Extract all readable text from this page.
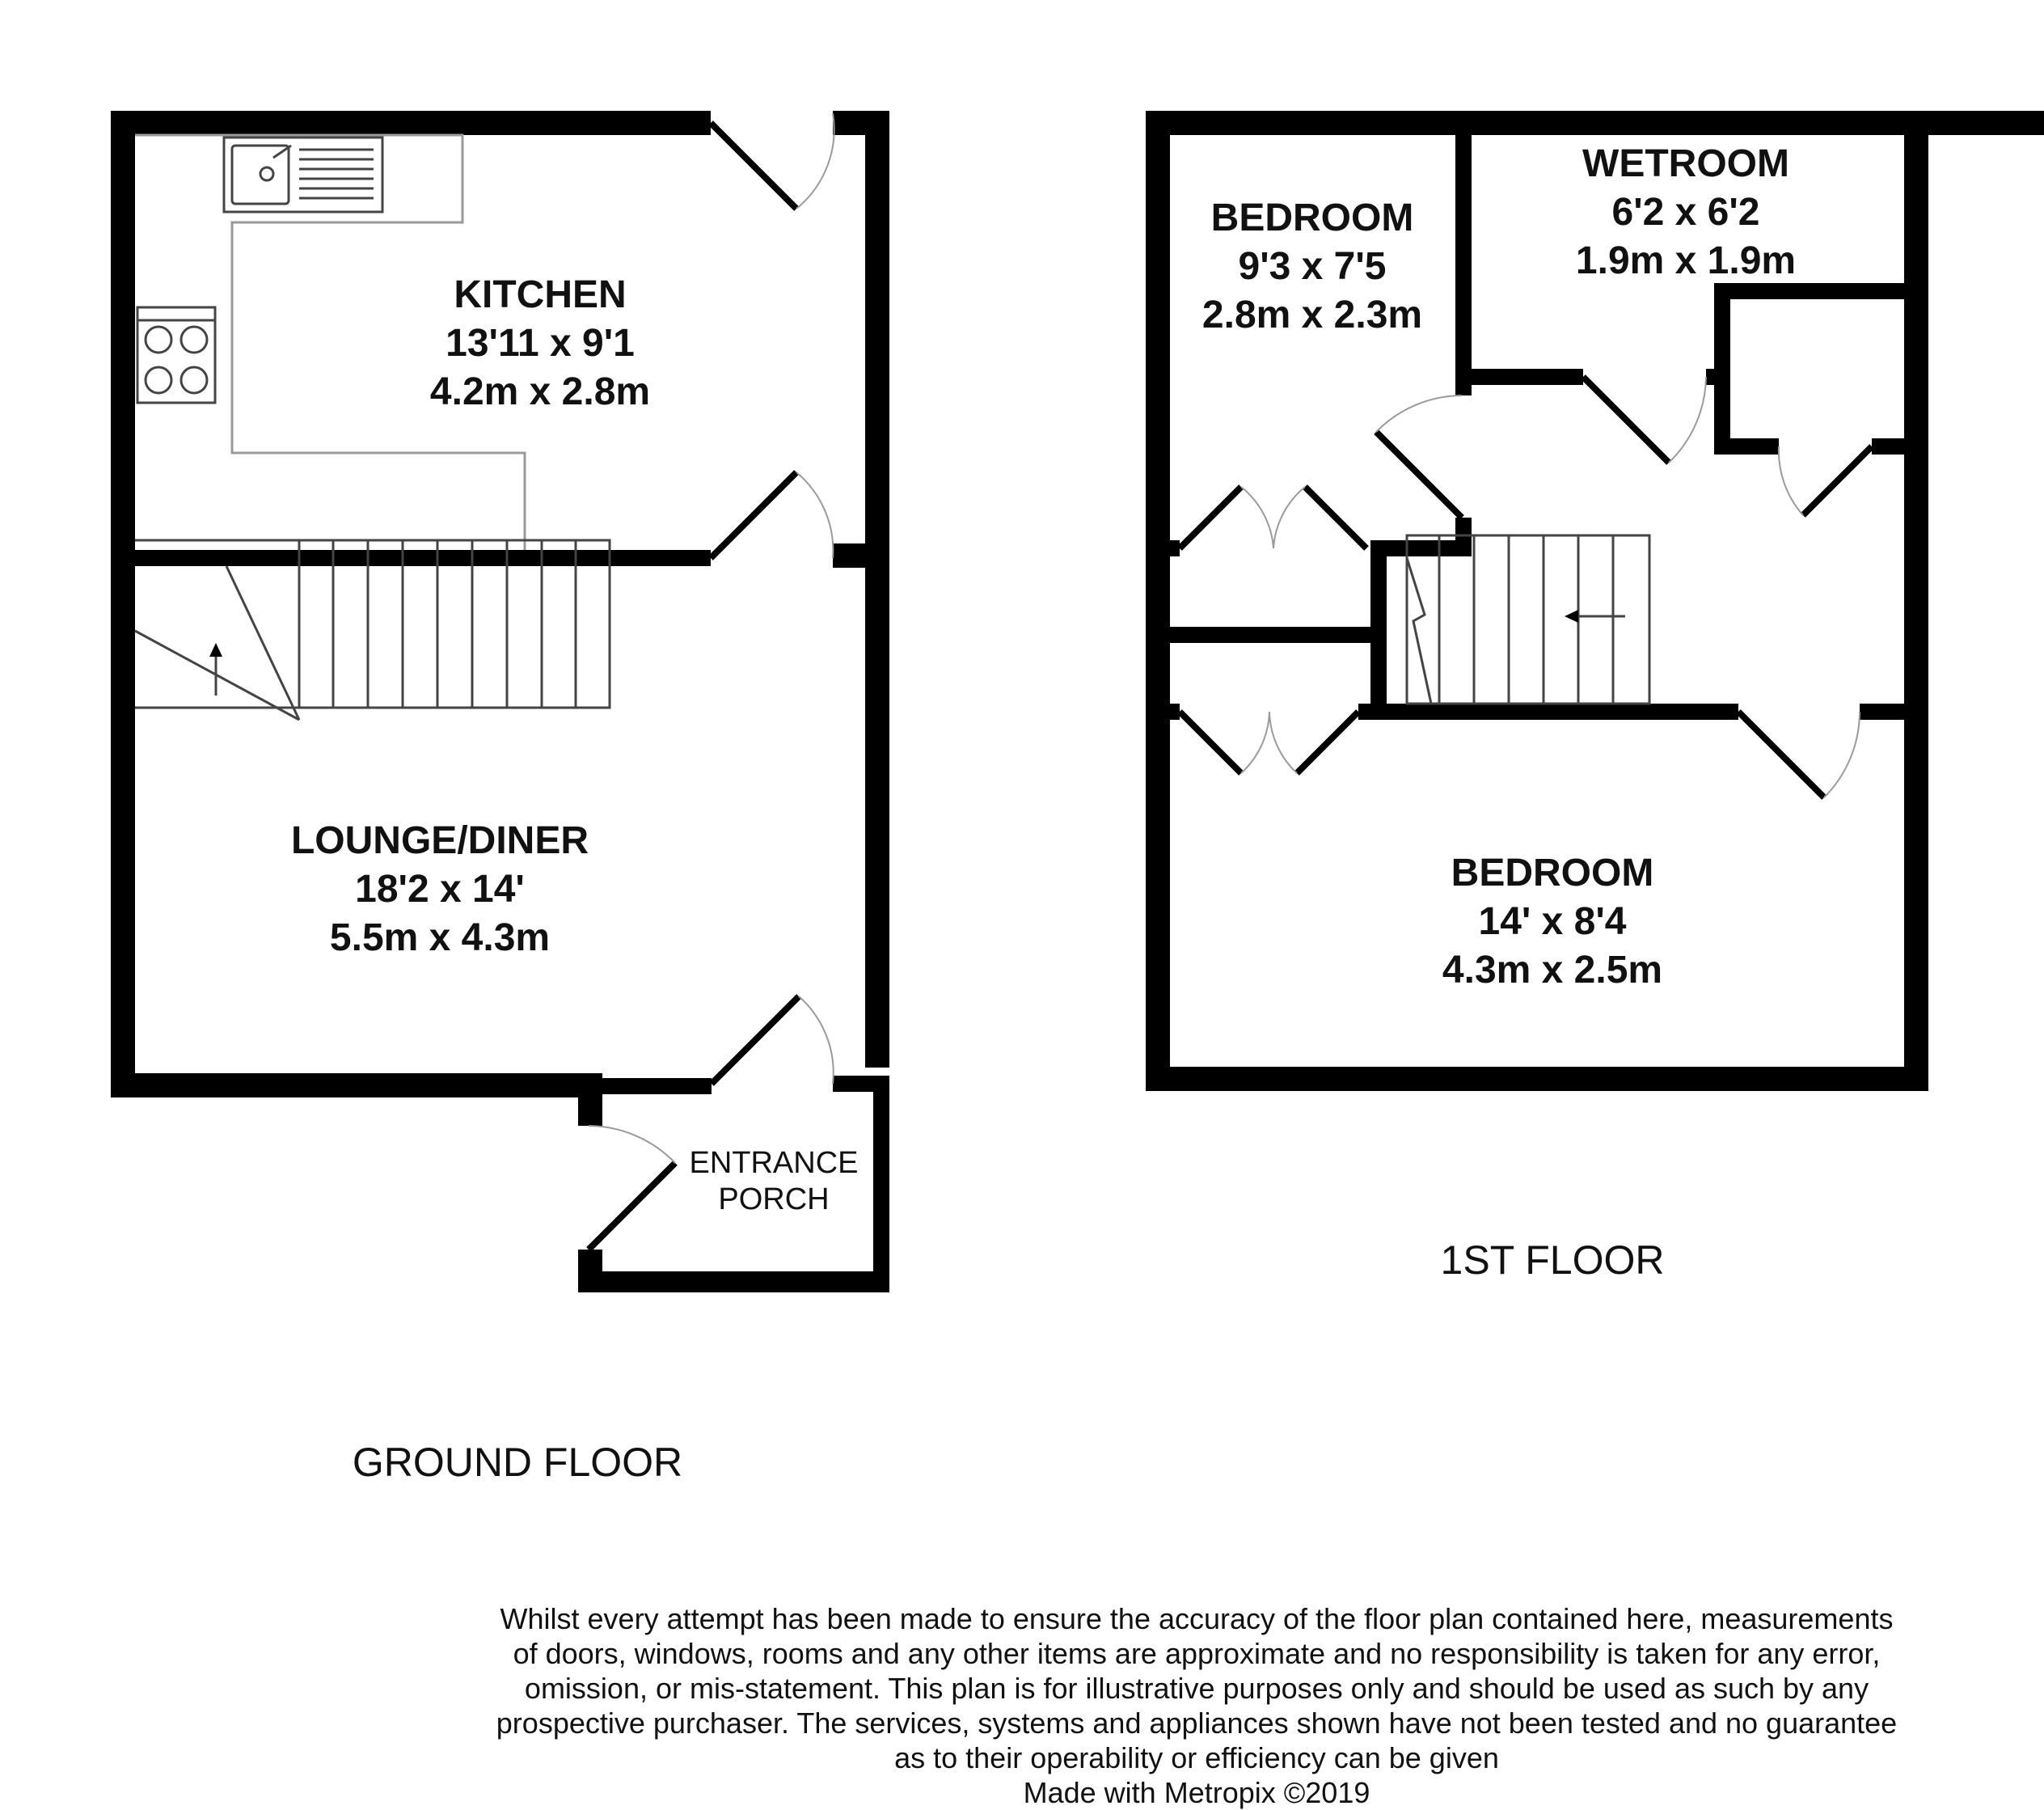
KITCHEN
13'11 x 9'1
4.2m x 2.8m
LOUNGE/DINER
18'2 x 14'
5.5m x 4.3m
ENTRANCE
PORCH
GROUND FLOOR
BEDROOM
9'3 x 7'5
2.8m x 2.3m
WETROOM
6'2 x 6'2
1.9m x 1.9m
BEDROOM
14' x 8'4
4.3m x 2.5m
1ST FLOOR
Whilst every attempt has been made to ensure the accuracy of the floor plan contained here, measurements
of doors, windows, rooms and any other items are approximate and no responsibility is taken for any error,
omission, or mis-statement. This plan is for illustrative purposes only and should be used as such by any
prospective purchaser. The services, systems and appliances shown have not been tested and no guarantee
as to their operability or efficiency can be given
Made with Metropix ©2019
